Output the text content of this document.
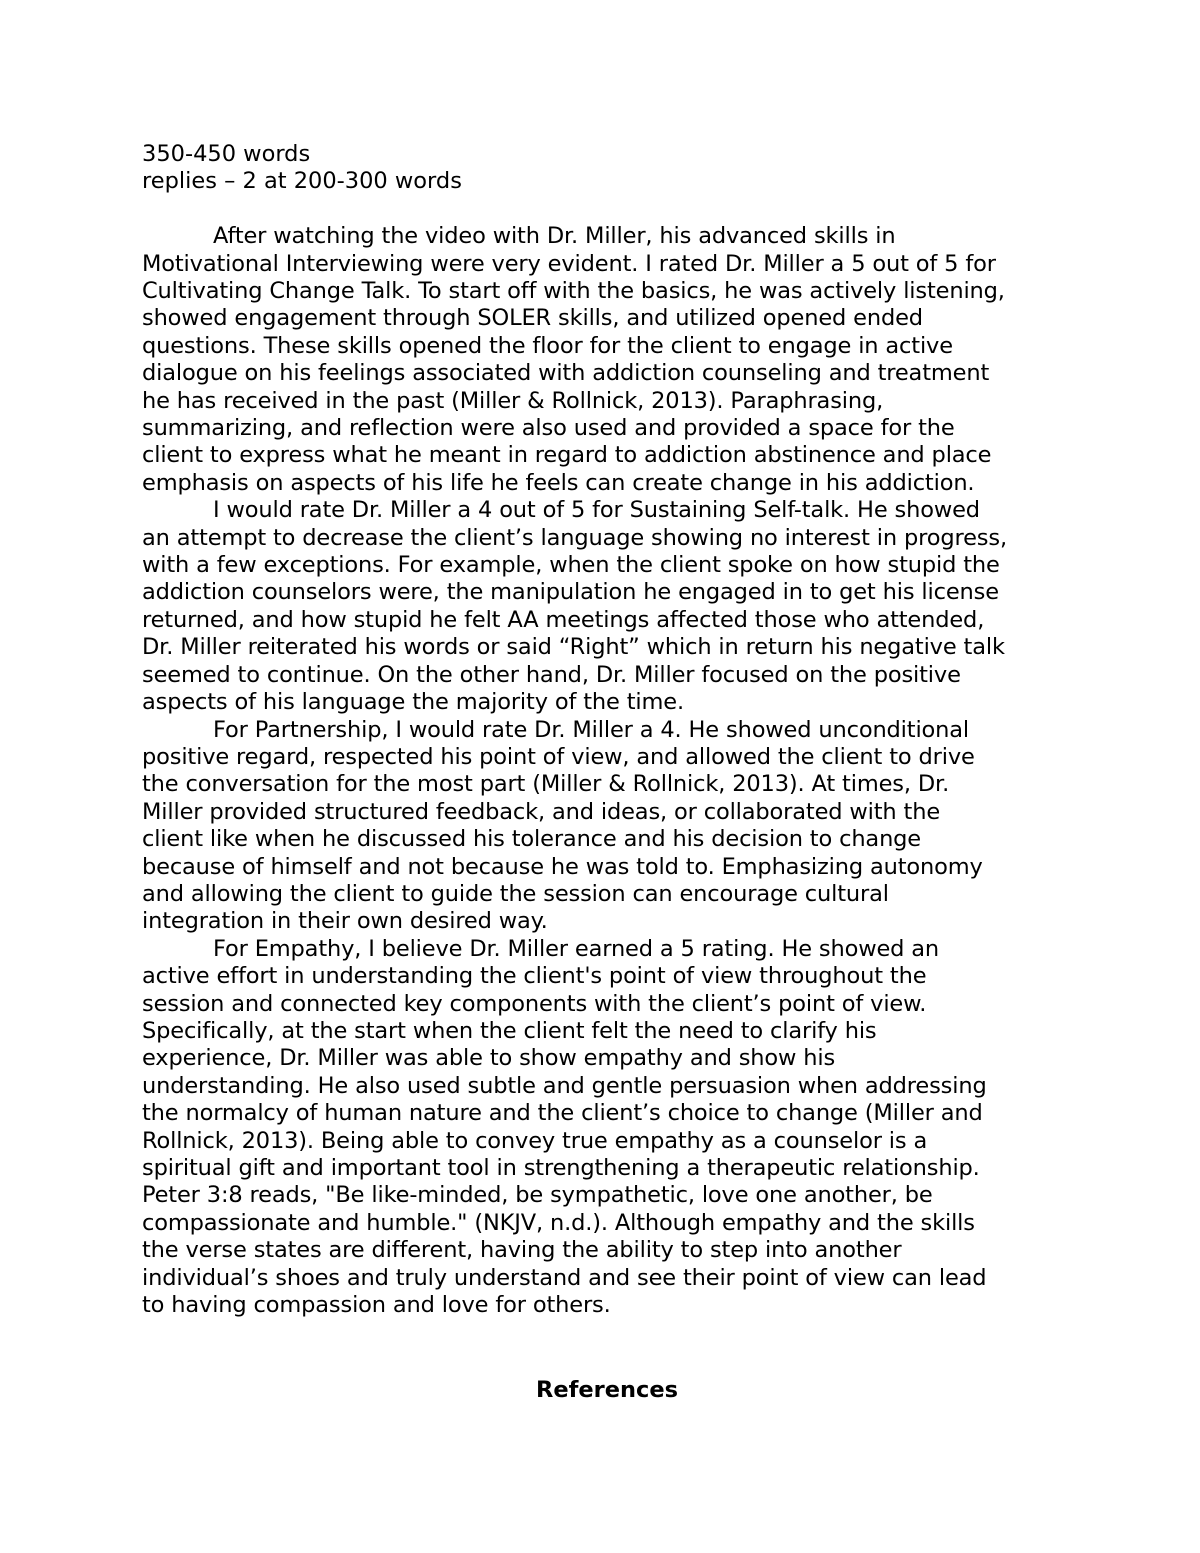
350-450 words

replies – 2 at 200-300 words

After watching the video with Dr. Miller, his advanced skills in
Motivational Interviewing were very evident. I rated Dr. Miller a 5 out of 5 for
Cultivating Change Talk. To start off with the basics, he was actively listening,
showed engagement through SOLER skills, and utilized opened ended
questions. These skills opened the floor for the client to engage in active
dialogue on his feelings associated with addiction counseling and treatment
he has received in the past (Miller & Rollnick, 2013). Paraphrasing,
summarizing, and reflection were also used and provided a space for the
client to express what he meant in regard to addiction abstinence and place
emphasis on aspects of his life he feels can create change in his addiction.

I would rate Dr. Miller a 4 out of 5 for Sustaining Self-talk. He showed
an attempt to decrease the client’s language showing no interest in progress,
with a few exceptions. For example, when the client spoke on how stupid the
addiction counselors were, the manipulation he engaged in to get his license
returned, and how stupid he felt AA meetings affected those who attended,
Dr. Miller reiterated his words or said “Right” which in return his negative talk
seemed to continue. On the other hand, Dr. Miller focused on the positive
aspects of his language the majority of the time.

For Partnership, I would rate Dr. Miller a 4. He showed unconditional
positive regard, respected his point of view, and allowed the client to drive
the conversation for the most part (Miller & Rollnick, 2013). At times, Dr.
Miller provided structured feedback, and ideas, or collaborated with the
client like when he discussed his tolerance and his decision to change
because of himself and not because he was told to. Emphasizing autonomy
and allowing the client to guide the session can encourage cultural
integration in their own desired way.

For Empathy, I believe Dr. Miller earned a 5 rating. He showed an
active effort in understanding the client's point of view throughout the
session and connected key components with the client’s point of view.
Specifically, at the start when the client felt the need to clarify his
experience, Dr. Miller was able to show empathy and show his
understanding. He also used subtle and gentle persuasion when addressing
the normalcy of human nature and the client’s choice to change (Miller and
Rollnick, 2013). Being able to convey true empathy as a counselor is a
spiritual gift and important tool in strengthening a therapeutic relationship.
Peter 3:8 reads, "Be like-minded, be sympathetic, love one another, be
compassionate and humble." (NKJV, n.d.). Although empathy and the skills
the verse states are different, having the ability to step into another
individual’s shoes and truly understand and see their point of view can lead
to having compassion and love for others.

References
